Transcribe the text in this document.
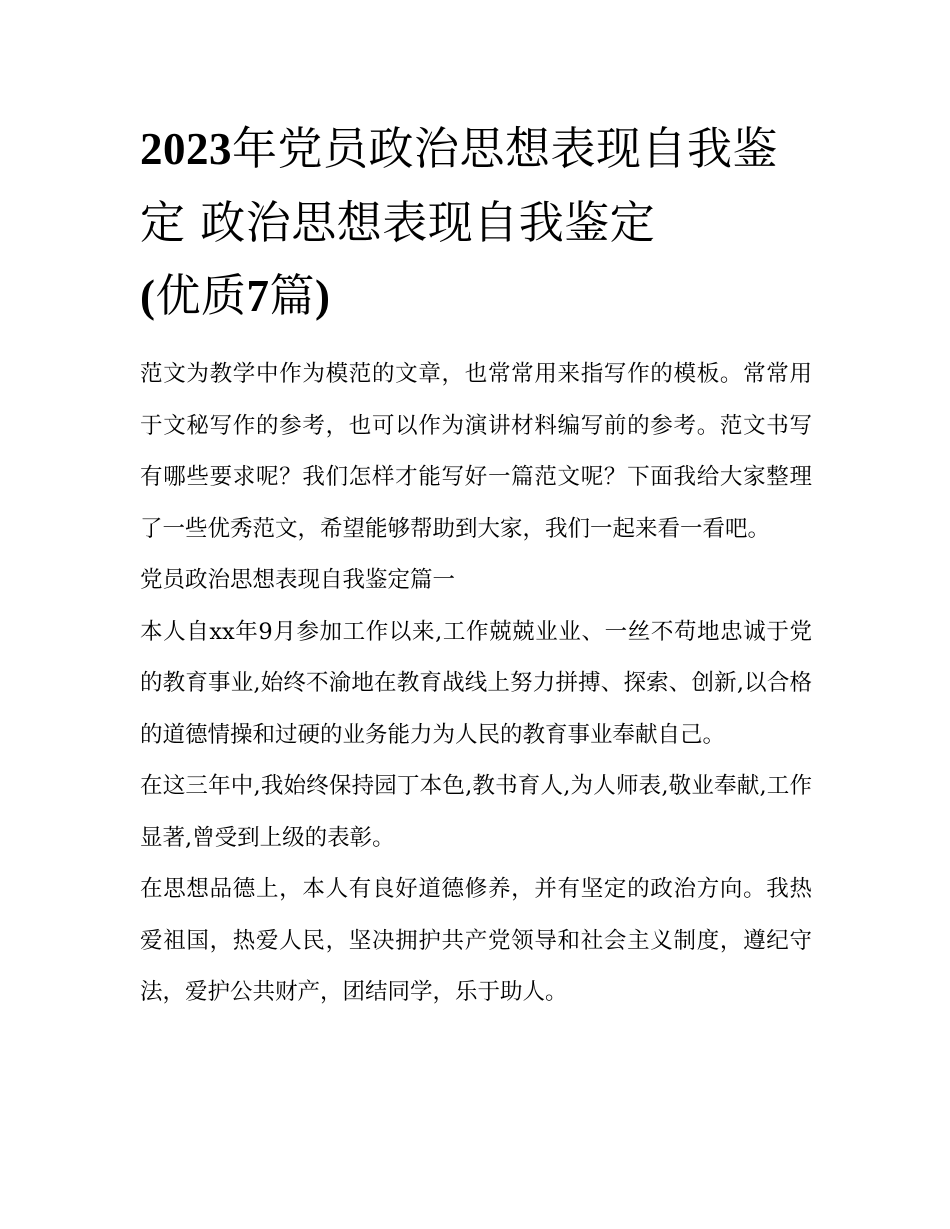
2023年党员政治思想表现自我鉴定 政治思想表现自我鉴定
(优质7篇)

范文为教学中作为模范的文章，也常常用来指写作的模板。常常用于文秘写作的参考，也可以作为演讲材料编写前的参考。范文书写有哪些要求呢？我们怎样才能写好一篇范文呢？下面我给大家整理了一些优秀范文，希望能够帮助到大家，我们一起来看一看吧。

党员政治思想表现自我鉴定篇一

本人自xx年9月参加工作以来,工作兢兢业业、一丝不苟地忠诚于党的教育事业,始终不渝地在教育战线上努力拼搏、探索、创新,以合格的道德情操和过硬的业务能力为人民的教育事业奉献自己。

在这三年中,我始终保持园丁本色,教书育人,为人师表,敬业奉献,工作显著,曾受到上级的表彰。

在思想品德上，本人有良好道德修养，并有坚定的政治方向。我热爱祖国，热爱人民，坚决拥护共产党领导和社会主义制度，遵纪守法，爱护公共财产，团结同学，乐于助人。
